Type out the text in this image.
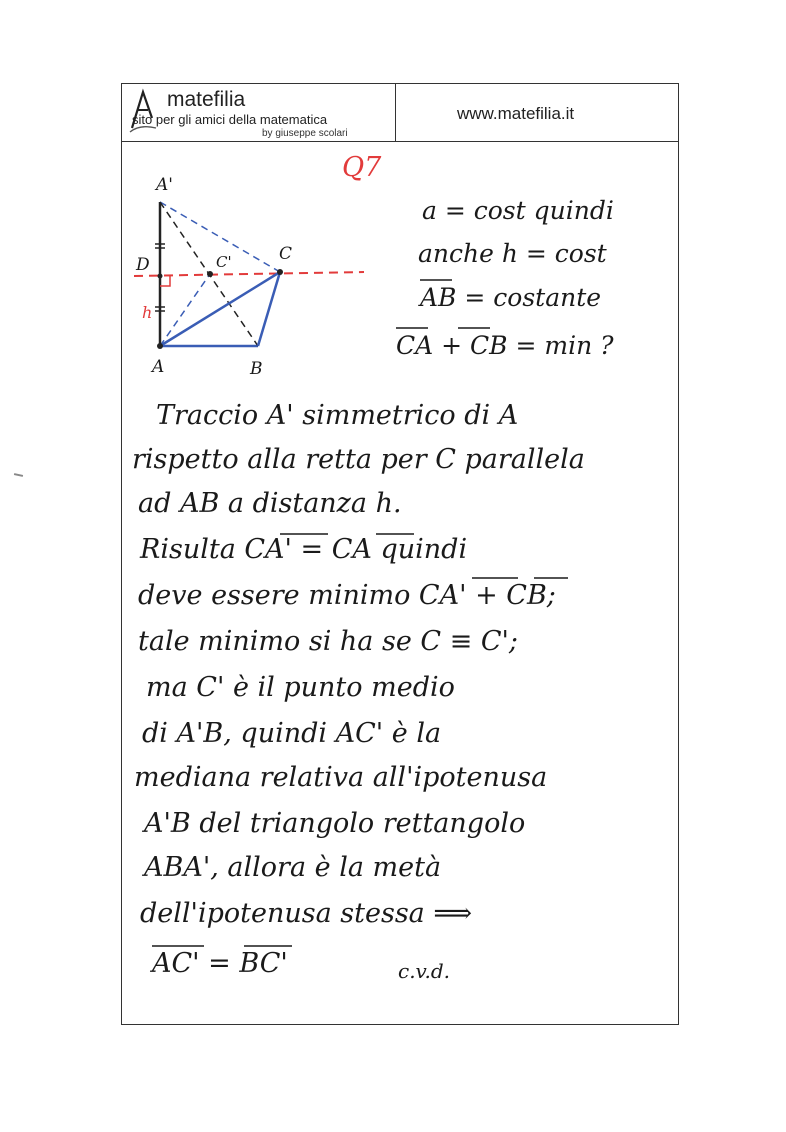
matefilia
sito per gli amici della matematica
by giuseppe scolari
www.matefilia.it
Q7
A'
C
C'
D
A	B
h
a = cost quindi
anche h = cost
AB = costante
CA + CB = min ?
Traccio A' simmetrico di A
rispetto alla retta per C parallela
ad AB a distanza h.
Risulta CA' = CA quindi
deve essere minimo CA' + CB;
tale minimo si ha se C ≡ C';
ma C' è il punto medio
di A'B, quindi AC' è la
mediana relativa all'ipotenusa
A'B del triangolo rettangolo
ABA', allora è la metà
dell'ipotenusa stessa ⟹
AC' = BC'	c.v.d.
